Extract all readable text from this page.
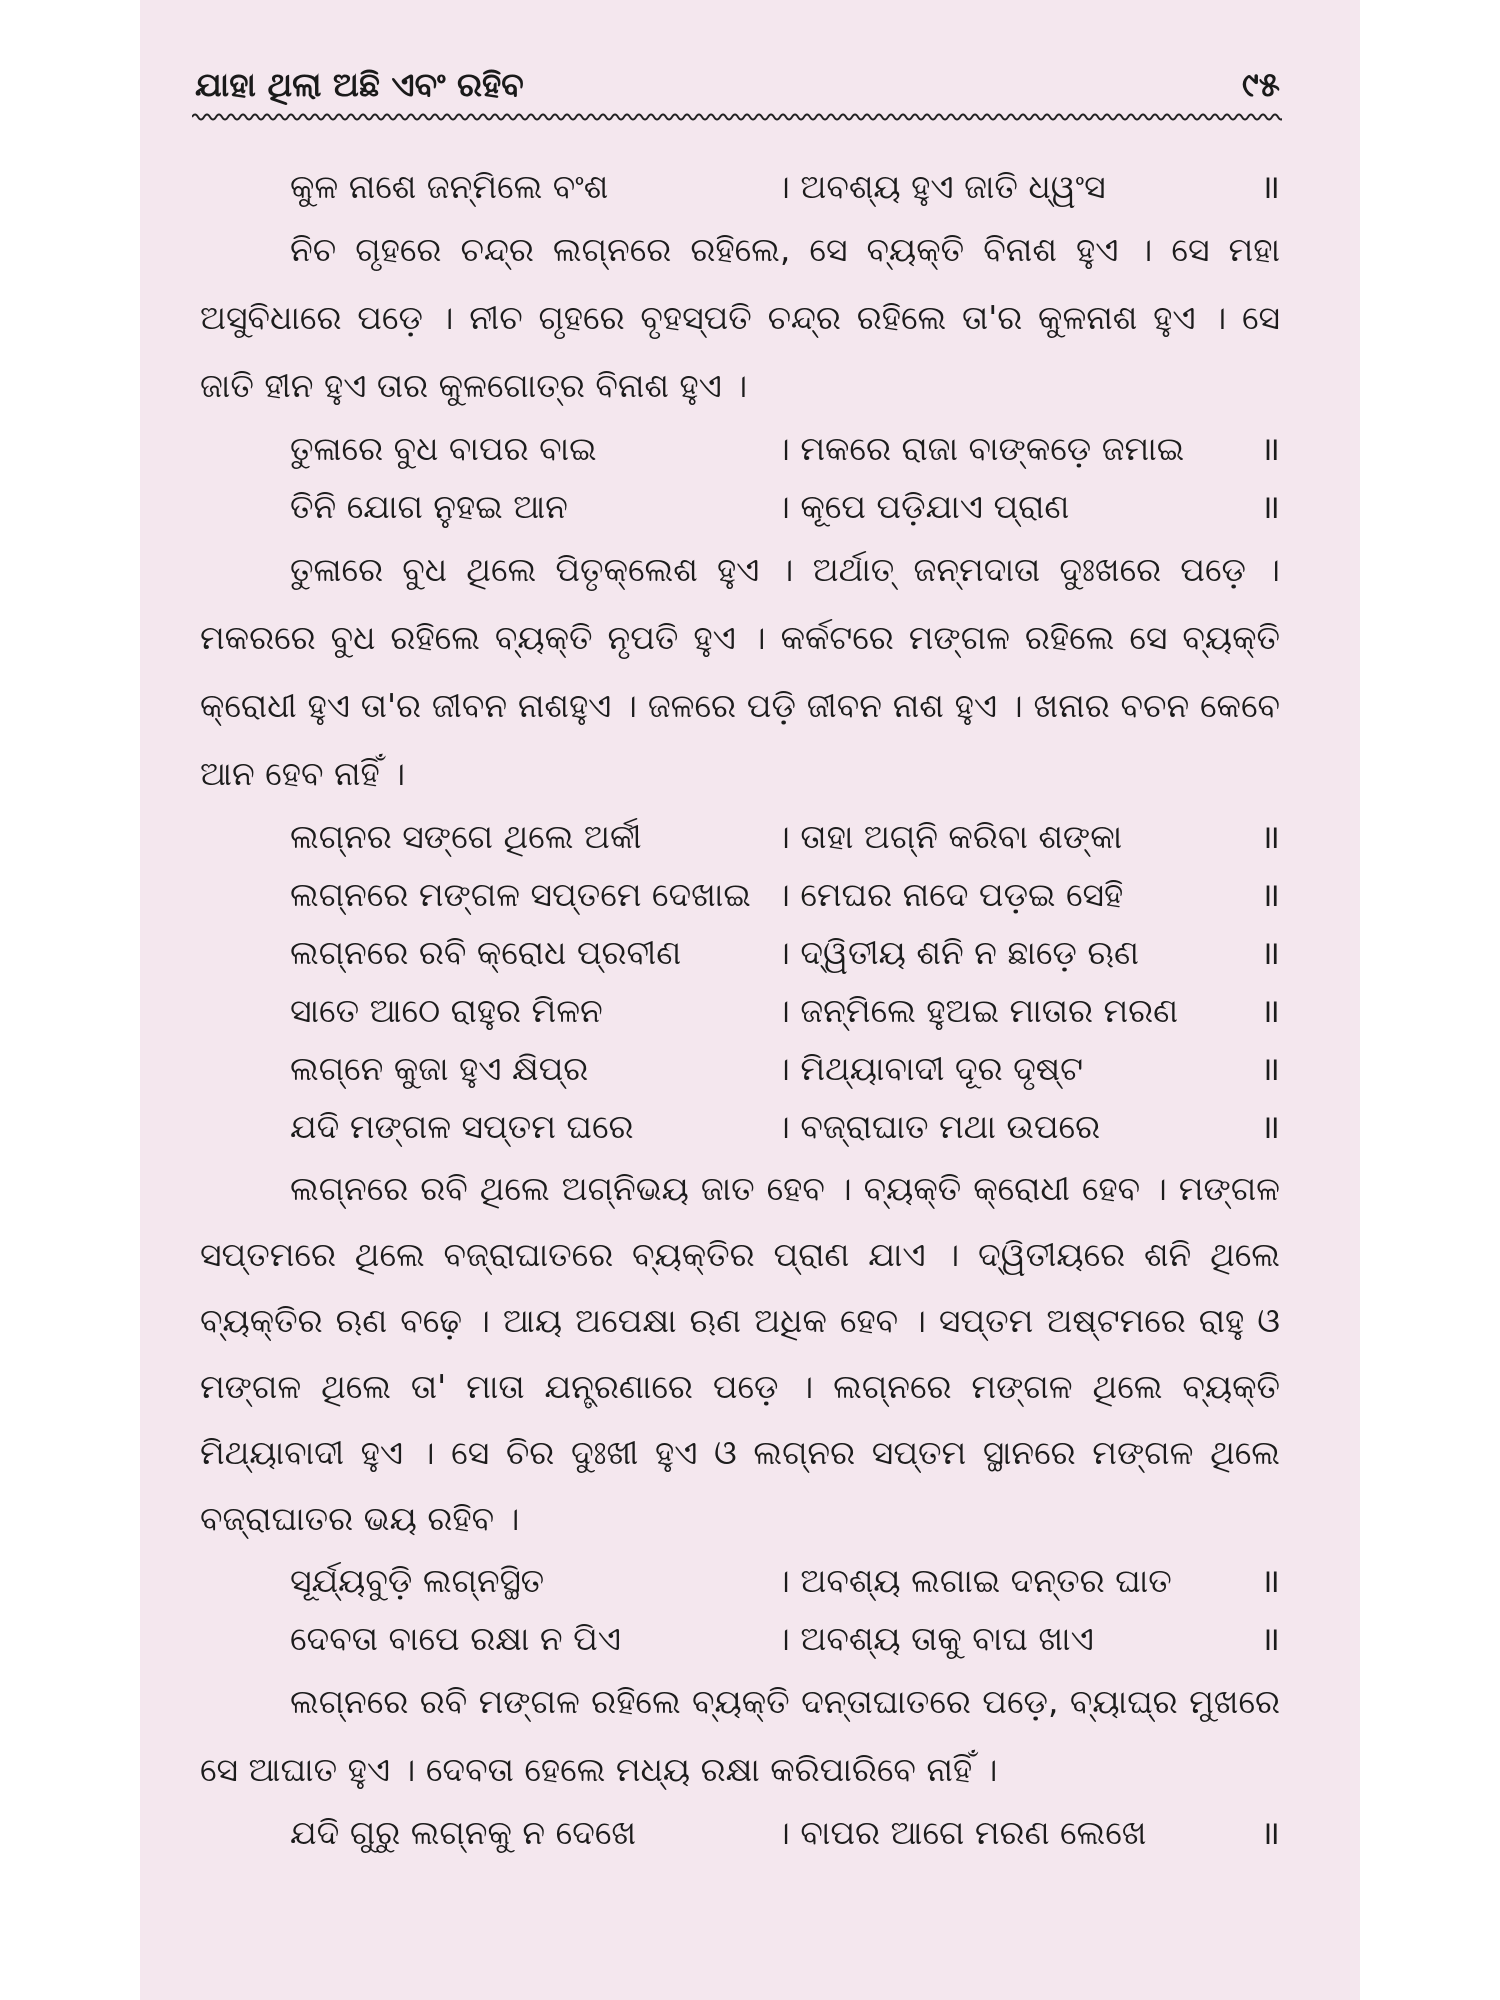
ଯାହା ଥିଲା ଅଛି ଏବଂ ରହିବ	୯୫
କୁଳ ନାଶେ ଜନ୍ମିଲେ ବଂଶ	। ଅବଶ୍ୟ ହୁଏ ଜାତି ଧ୍ୱଂସ	॥

ନିଚ ଗୃହରେ ଚନ୍ଦ୍ର ଲଗ୍ନରେ ରହିଲେ, ସେ ବ୍ୟକ୍ତି ବିନାଶ ହୁଏ । ସେ ମହା ଅସୁବିଧାରେ ପଡ଼େ । ନୀଚ ଗୃହରେ ବୃହସ୍ପତି ଚନ୍ଦ୍ର ରହିଲେ ତା'ର କୁଳନାଶ ହୁଏ । ସେ ଜାତି ହୀନ ହୁଏ ତାର କୁଳଗୋତ୍ର ବିନାଶ ହୁଏ ।

ତୁଳାରେ ବୁଧ ବାପର ବାଇ	। ମକରେ ରାଜା ବାଙ୍କଡ଼େ ଜମାଇ ॥
ତିନି ଯୋଗ ନୁହଇ ଆନ	। କୂପେ ପଡ଼ିଯାଏ ପ୍ରାଣ	॥

ତୁଳାରେ ବୁଧ ଥିଲେ ପିତୃକ୍ଲେଶ ହୁଏ । ଅର୍ଥାତ୍ ଜନ୍ମଦାତା ଦୁଃଖରେ ପଡ଼େ । ମକରରେ ବୁଧ ରହିଲେ ବ୍ୟକ୍ତି ନୃପତି ହୁଏ । କର୍କଟରେ ମଙ୍ଗଳ ରହିଲେ ସେ ବ୍ୟକ୍ତି କ୍ରୋଧୀ ହୁଏ ତା'ର ଜୀବନ ନାଶହୁଏ । ଜଳରେ ପଡ଼ି ଜୀବନ ନାଶ ହୁଏ । ଖନାର ବଚନ କେବେ ଆନ ହେବ ନାହିଁ ।

ଲଗ୍ନର ସଙ୍ଗେ ଥିଲେ ଅର୍କୀ	। ତାହା ଅଗ୍ନି କରିବା ଶଙ୍କା	॥
ଲଗ୍ନରେ ମଙ୍ଗଳ ସପ୍ତମେ ଦେଖାଇ । ମେଘର ନାଦେ ପଡ଼ଇ ସେହି	॥
ଲଗ୍ନରେ ରବି କ୍ରୋଧ ପ୍ରବୀଣ	। ଦ୍ୱିତୀୟ ଶନି ନ ଛାଡ଼େ ଋଣ	॥
ସାତେ ଆଠେ ରାହୁର ମିଳନ	। ଜନ୍ମିଲେ ହୁଅଇ ମାତାର ମରଣ ॥
ଲଗ୍ନେ କୁଜା ହୁଏ କ୍ଷିପ୍ର	। ମିଥ୍ୟାବାଦୀ ଦୂର ଦୃଷ୍ଟ	॥
ଯଦି ମଙ୍ଗଳ ସପ୍ତମ ଘରେ	। ବଜ୍ରାଘାତ ମଥା ଉପରେ	॥

ଲଗ୍ନରେ ରବି ଥିଲେ ଅଗ୍ନିଭୟ ଜାତ ହେବ । ବ୍ୟକ୍ତି କ୍ରୋଧୀ ହେବ । ମଙ୍ଗଳ ସପ୍ତମରେ ଥିଲେ ବଜ୍ରାଘାତରେ ବ୍ୟକ୍ତିର ପ୍ରାଣ ଯାଏ । ଦ୍ୱିତୀୟରେ ଶନି ଥିଲେ ବ୍ୟକ୍ତିର ଋଣ ବଢ଼େ । ଆୟ ଅପେକ୍ଷା ଋଣ ଅଧିକ ହେବ । ସପ୍ତମ ଅଷ୍ଟମରେ ରାହୁ ଓ ମଙ୍ଗଳ ଥିଲେ ତା' ମାତା ଯନ୍ତ୍ରଣାରେ ପଡ଼େ । ଲଗ୍ନରେ ମଙ୍ଗଳ ଥିଲେ ବ୍ୟକ୍ତି ମିଥ୍ୟାବାଦୀ ହୁଏ । ସେ ଚିର ଦୁଃଖୀ ହୁଏ ଓ ଲଗ୍ନର ସପ୍ତମ ସ୍ଥାନରେ ମଙ୍ଗଳ ଥିଲେ ବଜ୍ରାଘାତର ଭୟ ରହିବ ।

ସୂର୍ଯ୍ୟବୁଡ଼ି ଲଗ୍ନସ୍ଥିତ	। ଅବଶ୍ୟ ଲଗାଇ ଦନ୍ତର ଘାତ	॥
ଦେବତା ବାପେ ରକ୍ଷା ନ ପିଏ	। ଅବଶ୍ୟ ତାକୁ ବାଘ ଖାଏ	॥

ଲଗ୍ନରେ ରବି ମଙ୍ଗଳ ରହିଲେ ବ୍ୟକ୍ତି ଦନ୍ତାଘାତରେ ପଡ଼େ, ବ୍ୟାଘ୍ର ମୁଖରେ ସେ ଆଘାତ ହୁଏ । ଦେବତା ହେଲେ ମଧ୍ୟ ରକ୍ଷା କରିପାରିବେ ନାହିଁ ।

ଯଦି ଗୁରୁ ଲଗ୍ନକୁ ନ ଦେଖେ	। ବାପର ଆଗେ ମରଣ ଲେଖେ	॥
